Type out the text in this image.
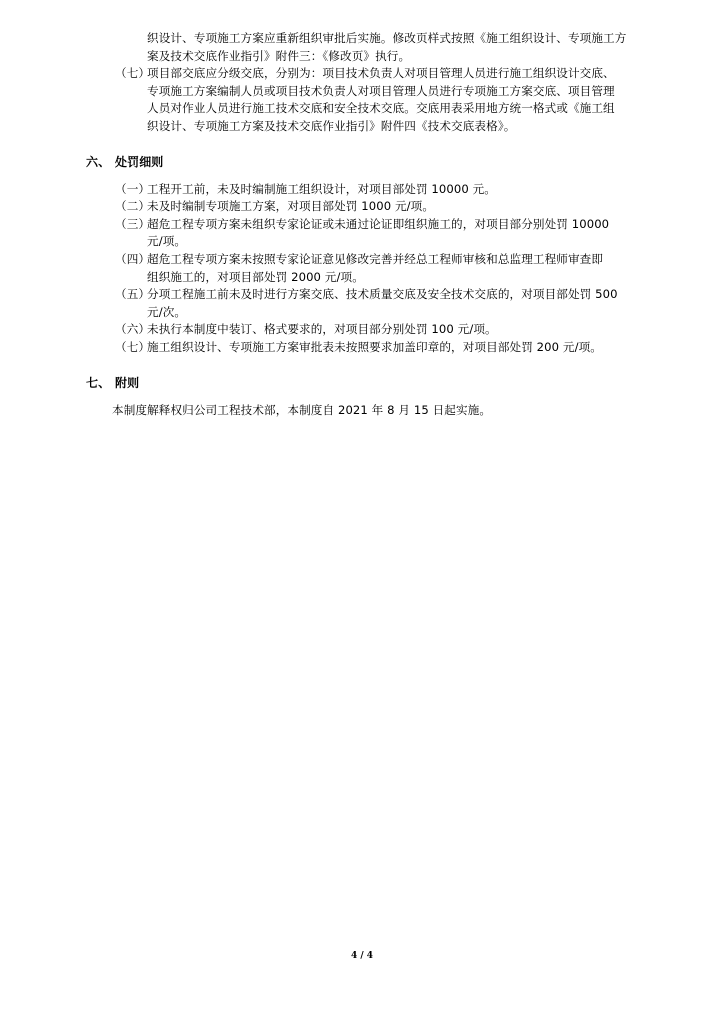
织设计、专项施工方案应重新组织审批后实施。修改页样式按照《施工组织设计、专项施工方
案及技术交底作业指引》附件三：《修改页》执行。
（七）项目部交底应分级交底，分别为：项目技术负责人对项目管理人员进行施工组织设计交底、
专项施工方案编制人员或项目技术负责人对项目管理人员进行专项施工方案交底、项目管理
人员对作业人员进行施工技术交底和安全技术交底。交底用表采用地方统一格式或《施工组
织设计、专项施工方案及技术交底作业指引》附件四《技术交底表格》。
六、 处罚细则
（一）工程开工前，未及时编制施工组织设计，对项目部处罚 10000 元。
（二）未及时编制专项施工方案，对项目部处罚 1000 元/项。
（三）超危工程专项方案未组织专家论证或未通过论证即组织施工的，对项目部分别处罚 10000
元/项。
（四）超危工程专项方案未按照专家论证意见修改完善并经总工程师审核和总监理工程师审查即
组织施工的，对项目部处罚 2000 元/项。
（五）分项工程施工前未及时进行方案交底、技术质量交底及安全技术交底的，对项目部处罚 500
元/次。
（六）未执行本制度中装订、格式要求的，对项目部分别处罚 100 元/项。
（七）施工组织设计、专项施工方案审批表未按照要求加盖印章的，对项目部处罚 200 元/项。
七、 附则
本制度解释权归公司工程技术部，本制度自 2021 年 8 月 15 日起实施。
4 / 4
